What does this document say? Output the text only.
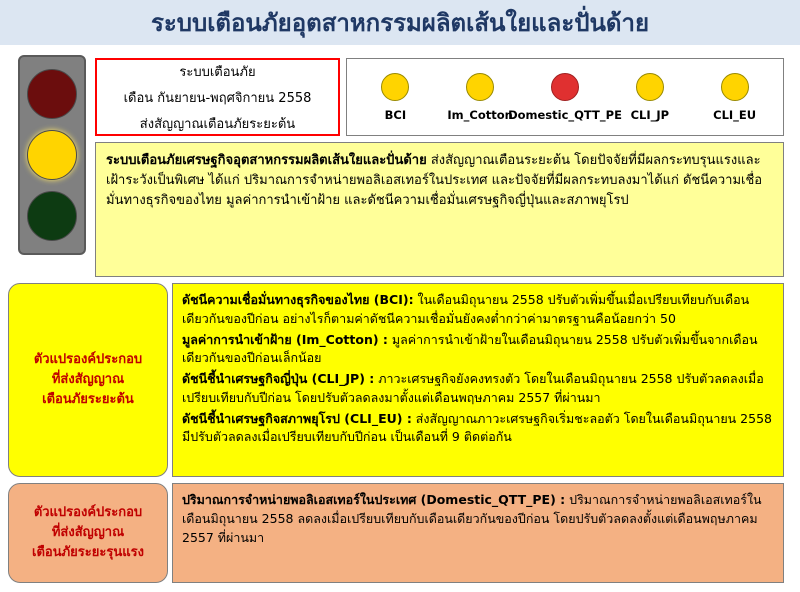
ระบบเตือนภัยอุตสาหกรรมผลิตเส้นใยและปั่นด้าย
ระบบเตือนภัย
เดือน กันยายน-พฤศจิกายน 2558
ส่งสัญญาณเตือนภัยระยะต้น
BCI	Im_Cotton
Domestic_QTT_PE CLI_JP	CLI_EU
ระบบเตือนภัยเศรษฐกิจอุตสาหกรรมผลิตเส้นใยและปั่นด้าย ส่งสัญญาณเตือนระยะต้น โดยปัจจัยที่มีผลกระทบรุนแรงและเฝ้าระวังเป็นพิเศษ ได้แก่ ปริมาณการจำหน่ายพอลิเอสเทอร์ในประเทศ และปัจจัยที่มีผลกระทบลงมาได้แก่ ดัชนีความเชื่อมั่นทางธุรกิจของไทย มูลค่าการนำเข้าฝ้าย และดัชนีความเชื่อมั่นเศรษฐกิจญี่ปุ่นและสภาพยุโรป
ตัวแปรองค์ประกอบ
ที่ส่งสัญญาณ
เตือนภัยระยะต้น
ตัวแปรองค์ประกอบ
ที่ส่งสัญญาณ
เตือนภัยระยะรุนแรง

ดัชนีความเชื่อมั่นทางธุรกิจของไทย (BCI): ในเดือนมิถุนายน 2558 ปรับตัวเพิ่มขึ้นเมื่อเปรียบเทียบกับเดือนเดียวกันของปีก่อน อย่างไรก็ตามค่าดัชนีความเชื่อมั่นยังคงต่ำกว่าค่ามาตรฐานคือน้อยกว่า 50

มูลค่าการนำเข้าฝ้าย (Im_Cotton) : มูลค่าการนำเข้าฝ้ายในเดือนมิถุนายน 2558 ปรับตัวเพิ่มขึ้นจากเดือนเดียวกันของปีก่อนเล็กน้อย

ดัชนีชี้นำเศรษฐกิจญี่ปุ่น (CLI_JP) : ภาวะเศรษฐกิจยังคงทรงตัว โดยในเดือนมิถุนายน 2558 ปรับตัวลดลงเมื่อเปรียบเทียบกับปีก่อน โดยปรับตัวลดลงมาตั้งแต่เดือนพฤษภาคม 2557 ที่ผ่านมา

ดัชนีชี้นำเศรษฐกิจสภาพยุโรป (CLI_EU) : ส่งสัญญาณภาวะเศรษฐกิจเริ่มชะลอตัว โดยในเดือนมิถุนายน 2558 มีปรับตัวลดลงเมื่อเปรียบเทียบกับปีก่อน เป็นเดือนที่ 9 ติดต่อกัน

ปริมาณการจำหน่ายพอลิเอสเทอร์ในประเทศ (Domestic_QTT_PE) : ปริมาณการจำหน่ายพอลิเอสเทอร์ในเดือนมิถุนายน 2558 ลดลงเมื่อเปรียบเทียบกับเดือนเดียวกันของปีก่อน โดยปรับตัวลดลงตั้งแต่เดือนพฤษภาคม 2557 ที่ผ่านมา
